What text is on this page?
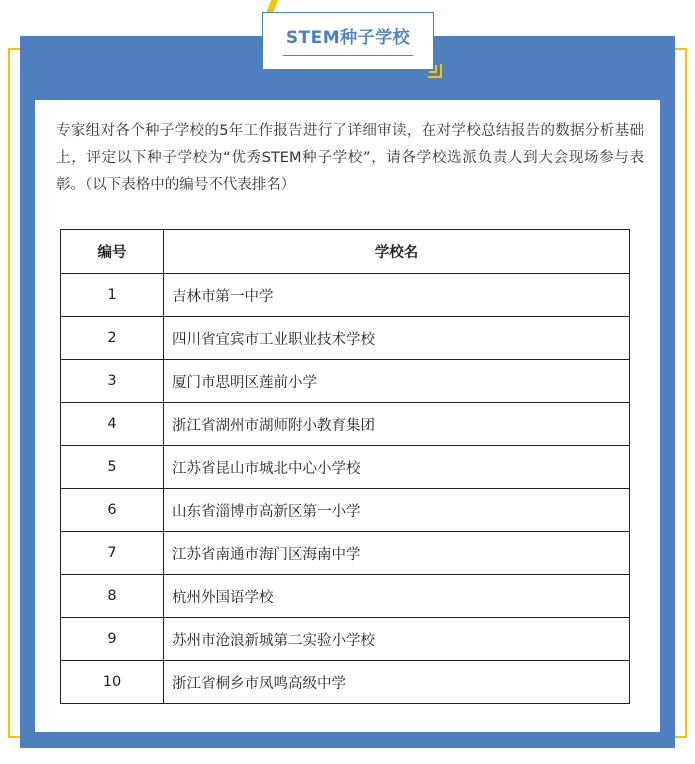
STEM种子学校

专家组对各个种子学校的5年工作报告进行了详细审读，在对学校总结报告的数据分析基础上，评定以下种子学校为“优秀STEM种子学校”，请各学校选派负责人到大会现场参与表彰。（以下表格中的编号不代表排名）

编号	学校名
1	吉林市第一中学
2	四川省宜宾市工业职业技术学校
3	厦门市思明区莲前小学
4	浙江省湖州市湖师附小教育集团
5	江苏省昆山市城北中心小学校
6	山东省淄博市高新区第一小学
7	江苏省南通市海门区海南中学
8	杭州外国语学校
9	苏州市沧浪新城第二实验小学校
10	浙江省桐乡市凤鸣高级中学
